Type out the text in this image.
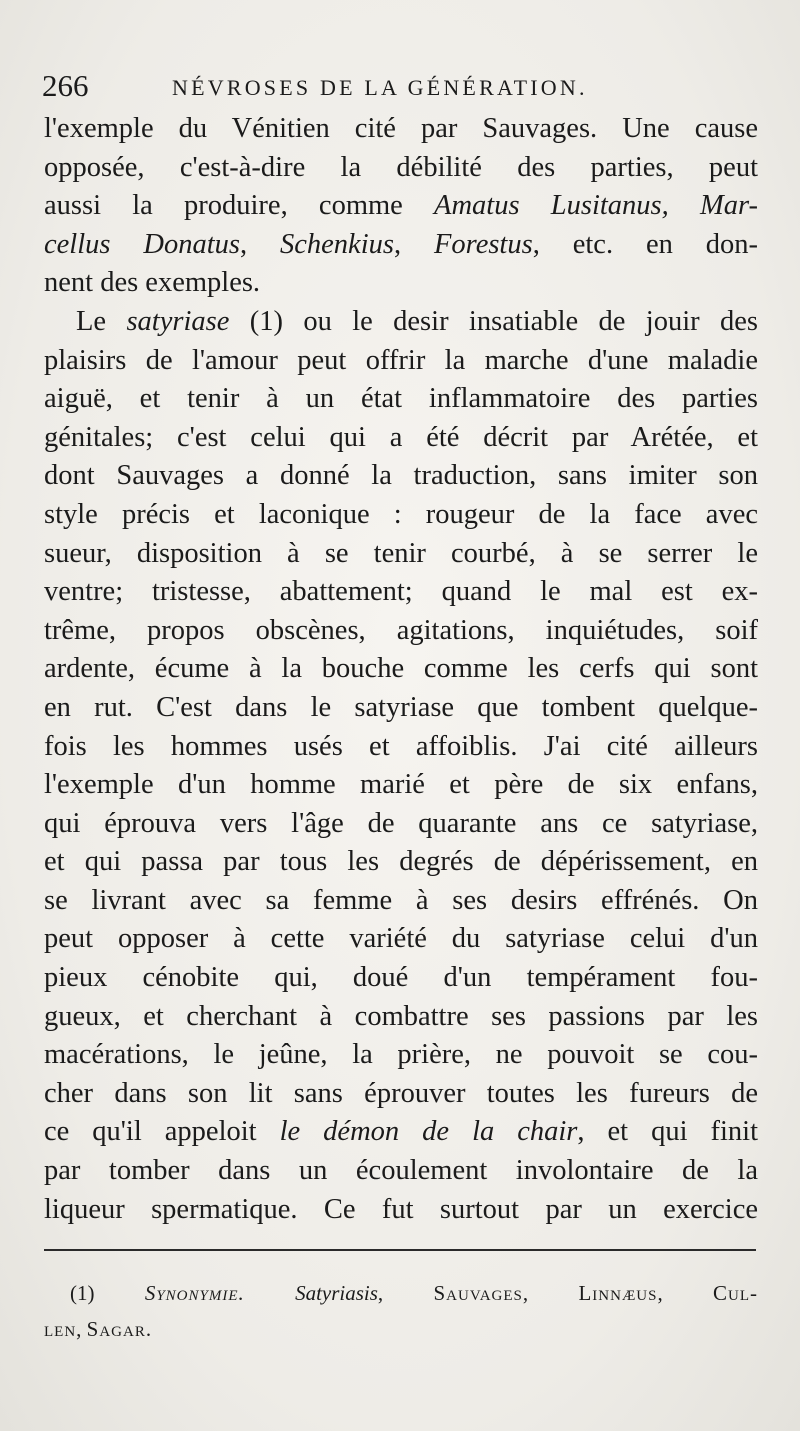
266	NÉVROSES DE LA GÉNÉRATION.
l'exemple du Vénitien cité par Sauvages. Une cause
opposée, c'est-à-dire la débilité des parties, peut
aussi la produire, comme Amatus Lusitanus, Mar-
cellus Donatus, Schenkius, Forestus, etc. en don-
nent des exemples.
Le satyriase (1) ou le desir insatiable de jouir des
plaisirs de l'amour peut offrir la marche d'une maladie
aiguë, et tenir à un état inflammatoire des parties
génitales; c'est celui qui a été décrit par Arétée, et
dont Sauvages a donné la traduction, sans imiter son
style précis et laconique : rougeur de la face avec
sueur, disposition à se tenir courbé, à se serrer le
ventre; tristesse, abattement; quand le mal est ex-
trême, propos obscènes, agitations, inquiétudes, soif
ardente, écume à la bouche comme les cerfs qui sont
en rut. C'est dans le satyriase que tombent quelque-
fois les hommes usés et affoiblis. J'ai cité ailleurs
l'exemple d'un homme marié et père de six enfans,
qui éprouva vers l'âge de quarante ans ce satyriase,
et qui passa par tous les degrés de dépérissement, en
se livrant avec sa femme à ses desirs effrénés. On
peut opposer à cette variété du satyriase celui d'un
pieux cénobite qui, doué d'un tempérament fou-
gueux, et cherchant à combattre ses passions par les
macérations, le jeûne, la prière, ne pouvoit se cou-
cher dans son lit sans éprouver toutes les fureurs de
ce qu'il appeloit le démon de la chair, et qui finit
par tomber dans un écoulement involontaire de la
liqueur spermatique. Ce fut surtout par un exercice
(1) Synonymie. Satyriasis, Sauvages, Linnæus, Cul-
len, Sagar.
